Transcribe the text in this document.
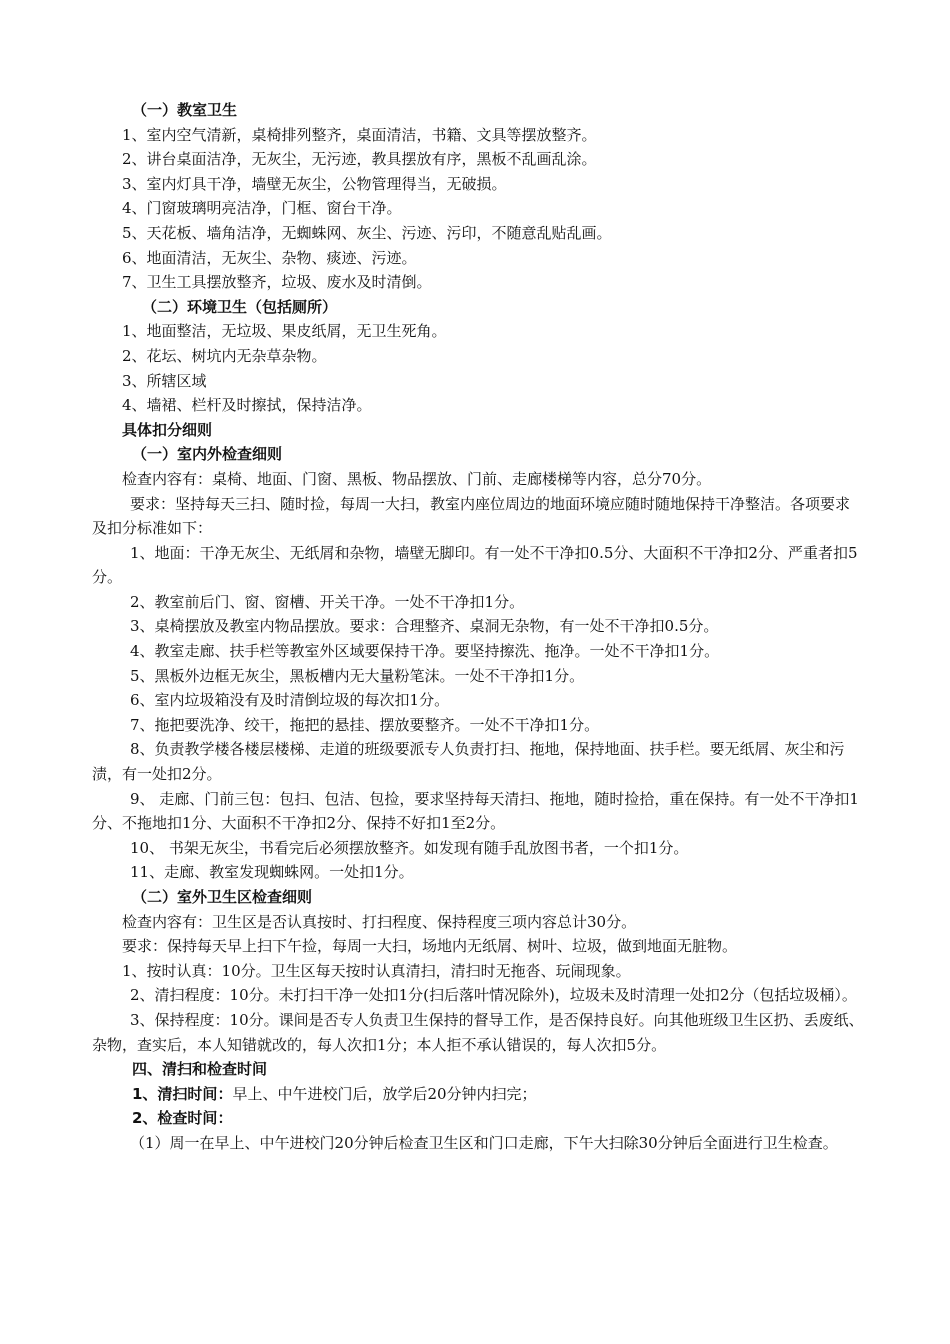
（一）教室卫生

1、室内空气清新，桌椅排列整齐，桌面清洁，书籍、文具等摆放整齐。

2、讲台桌面洁净，无灰尘，无污迹，教具摆放有序，黑板不乱画乱涂。

3、室内灯具干净，墙壁无灰尘，公物管理得当，无破损。

4、门窗玻璃明亮洁净，门框、窗台干净。

5、天花板、墙角洁净，无蜘蛛网、灰尘、污迹、污印，不随意乱贴乱画。

6、地面清洁，无灰尘、杂物、痰迹、污迹。

7、卫生工具摆放整齐，垃圾、废水及时清倒。

（二）环境卫生（包括厕所）

1、地面整洁，无垃圾、果皮纸屑，无卫生死角。

2、花坛、树坑内无杂草杂物。

3、所辖区域

4、墙裙、栏杆及时擦拭，保持洁净。

具体扣分细则

（一）室内外检查细则

检查内容有：桌椅、地面、门窗、黑板、物品摆放、门前、走廊楼梯等内容，总分70分。

要求：坚持每天三扫、随时捡，每周一大扫，教室内座位周边的地面环境应随时随地保持干净整洁。各项要求及扣分标准如下：

1、地面：干净无灰尘、无纸屑和杂物，墙壁无脚印。有一处不干净扣0.5分、大面积不干净扣2分、严重者扣5分。

2、教室前后门、窗、窗槽、开关干净。一处不干净扣1分。

3、桌椅摆放及教室内物品摆放。要求：合理整齐、桌洞无杂物，有一处不干净扣0.5分。

4、教室走廊、扶手栏等教室外区域要保持干净。要坚持擦洗、拖净。一处不干净扣1分。

5、黑板外边框无灰尘，黑板槽内无大量粉笔沫。一处不干净扣1分。

6、室内垃圾箱没有及时清倒垃圾的每次扣1分。

7、拖把要洗净、绞干，拖把的悬挂、摆放要整齐。一处不干净扣1分。

8、负责教学楼各楼层楼梯、走道的班级要派专人负责打扫、拖地，保持地面、扶手栏。要无纸屑、灰尘和污渍，有一处扣2分。

9、 走廊、门前三包：包扫、包洁、包捡，要求坚持每天清扫、拖地，随时捡拾，重在保持。有一处不干净扣1分、不拖地扣1分、大面积不干净扣2分、保持不好扣1至2分。

10、 书架无灰尘，书看完后必须摆放整齐。如发现有随手乱放图书者，一个扣1分。

11、走廊、教室发现蜘蛛网。一处扣1分。

（二）室外卫生区检查细则

检查内容有：卫生区是否认真按时、打扫程度、保持程度三项内容总计30分。

要求：保持每天早上扫下午捡，每周一大扫，场地内无纸屑、树叶、垃圾，做到地面无脏物。

1、按时认真：10分。卫生区每天按时认真清扫，清扫时无拖沓、玩闹现象。

2、清扫程度：10分。未打扫干净一处扣1分(扫后落叶情况除外)，垃圾未及时清理一处扣2分（包括垃圾桶）。

3、保持程度：10分。课间是否专人负责卫生保持的督导工作，是否保持良好。向其他班级卫生区扔、丢废纸、杂物，查实后，本人知错就改的，每人次扣1分；本人拒不承认错误的，每人次扣5分。

四、清扫和检查时间

1、清扫时间：早上、中午进校门后，放学后20分钟内扫完；

2、检查时间：

（1）周一在早上、中午进校门20分钟后检查卫生区和门口走廊，下午大扫除30分钟后全面进行卫生检查。
